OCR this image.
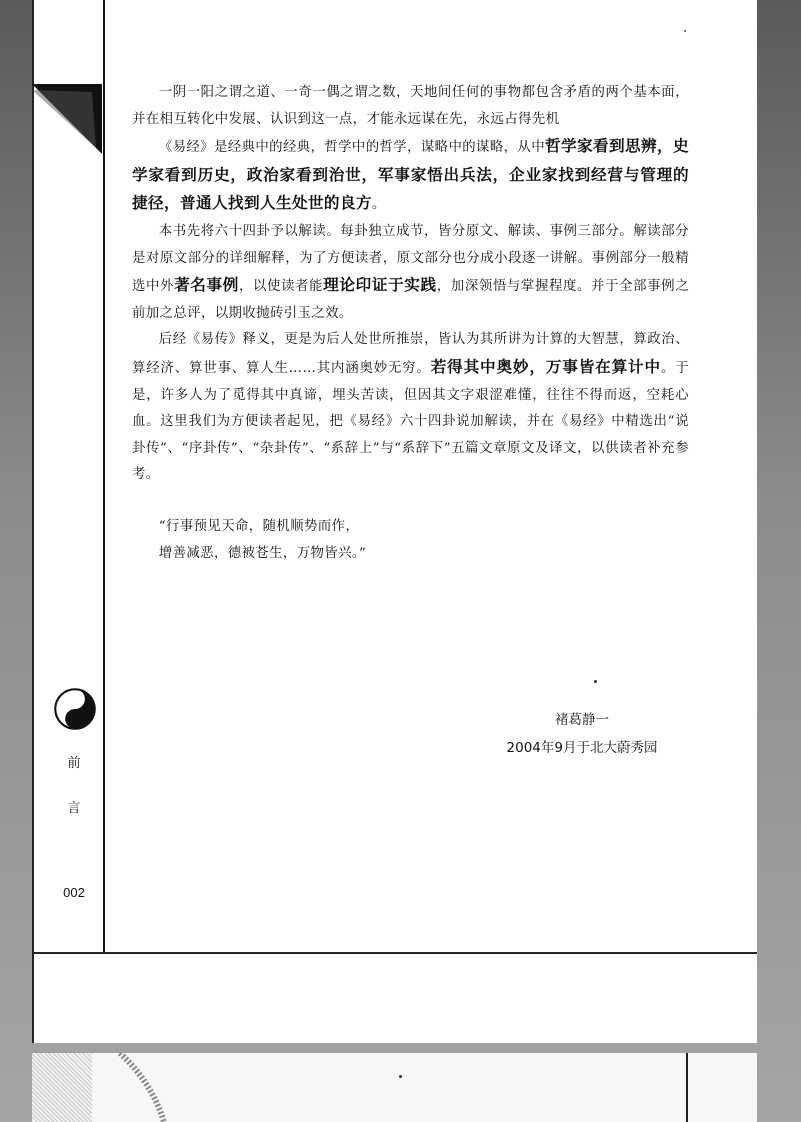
一阴一阳之谓之道、一奇一偶之谓之数，天地间任何的事物都包含矛盾的两个基本面，并在相互转化中发展、认识到这一点，才能永远谋在先，永远占得先机

《易经》是经典中的经典，哲学中的哲学，谋略中的谋略，从中哲学家看到思辨，史学家看到历史，政治家看到治世，军事家悟出兵法，企业家找到经营与管理的捷径，普通人找到人生处世的良方。

本书先将六十四卦予以解读。每卦独立成节，皆分原文、解读、事例三部分。解读部分是对原文部分的详细解释，为了方便读者，原文部分也分成小段逐一讲解。事例部分一般精选中外著名事例，以使读者能理论印证于实践，加深领悟与掌握程度。并于全部事例之前加之总评，以期收抛砖引玉之效。

后经《易传》释义，更是为后人处世所推崇，皆认为其所讲为计算的大智慧，算政治、算经济、算世事、算人生……其内涵奥妙无穷。若得其中奥妙，万事皆在算计中。于是，许多人为了觅得其中真谛，埋头苦读，但因其文字艰涩难懂，往往不得而返，空耗心血。这里我们为方便读者起见，把《易经》六十四卦说加解读，并在《易经》中精选出“说卦传”、“序卦传”、“杂卦传”、“系辞上”与“系辞下”五篇文章原文及译文，以供读者补充参考。

“行事预见天命，随机顺势而作，
增善减恶，德被苍生，万物皆兴。”
褚葛静一
2004年9月于北大蔚秀园
前
言
002
